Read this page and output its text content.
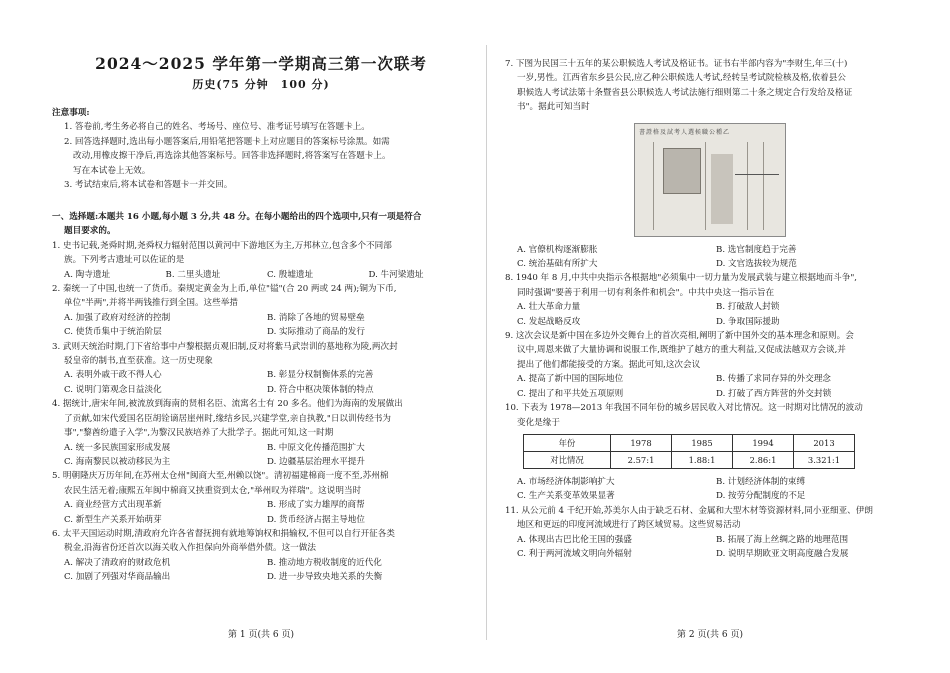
2024～2025 学年第一学期高三第一次联考

历史(75 分钟　100 分)

注意事项:
1. 答卷前,考生务必将自己的姓名、考场号、座位号、准考证号填写在答题卡上。
2. 回答选择题时,选出每小题答案后,用铅笔把答题卡上对应题目的答案标号涂黑。如需
改动,用橡皮擦干净后,再选涂其他答案标号。回答非选择题时,将答案写在答题卡上。
写在本试卷上无效。
3. 考试结束后,将本试卷和答题卡一并交回。
一、选择题:本题共 16 小题,每小题 3 分,共 48 分。在每小题给出的四个选项中,只有一项是符合
题目要求的。
1. 史书记载,尧舜时期,尧舜权力辐射范围以黄河中下游地区为主,万邦林立,包含多个不同部
族。下列考古遗址可以佐证的是
A. 陶寺遗址	B. 二里头遗址	C. 殷墟遗址	D. 牛河梁遗址
2. 秦统一了中国,也统一了货币。秦规定黄金为上币,单位"镒"(合 20 两或 24 两);铜为下币,
单位"半两",并将半两钱推行到全国。这些举措
A. 加强了政府对经济的控制	B. 消除了各地的贸易壁垒
C. 使货币集中于统治阶层	D. 实际推动了商品的发行
3. 武则天统治时期,门下省给事中卢黎根据贞观旧制,反对将紫马武崇训的墓地称为陵,两次封
驳皇帝的制书,直至获准。这一历史现象
A. 表明外戚干政不得人心	B. 彰显分权制衡体系的完善
C. 说明门第观念日益淡化	D. 符合中枢决策体制的特点
4. 据统计,唐宋年间,被流放到海南的贤相名臣、流寓名士有 20 多名。他们为海南的发展做出
了贡献,如宋代爱国名臣胡铨谪居崖州时,缘结乡民,兴建学堂,亲自执教,"日以训传经书为
事","黎酋纷遣子入学",为黎汉民族培养了大批学子。据此可知,这一时期
A. 统一多民族国家形成发展	B. 中原文化传播范围扩大
C. 海南黎民以被动移民为主	D. 边疆基层治理水平提升
5. 明朝隆庆万历年间,在苏州太仓州"闽商大至,州赖以饶"。清初福建棉商一度不至,苏州棉
农民生活无着;康熙五年闽中棉商又挟重资到太仓,"举州叹为祥瑞"。这说明当时
A. 商业经营方式出现革新	B. 形成了实力雄厚的商帮
C. 新型生产关系开始萌芽	D. 货币经济占据主导地位
6. 太平天国运动时期,清政府允许各省督抚拥有就地筹饷权和捐输权,不但可以自行开征各类
税金,沿海省份还首次以海关收入作担保向外商举借外债。这一做法
A. 解决了清政府的财政危机	B. 推动地方税收制度的近代化
C. 加剧了列强对华商品输出	D. 进一步导致央地关系的失衡
第 1 页(共 6 页)
7. 下图为民国三十五年的某公职候选人考试及格证书。证书右半部内容为"李财生,年三(十)
一岁,男性。江西省东乡县公民,应乙种公职候选人考试,经转呈考试院检核及格,依着县公
职候选人考试法第十条暨省县公职候选人考试法施行细则第二十条之规定合行发给及格证
书"。据此可知当时
書證格及試考人選候職公種乙
A. 官僚机构逐渐膨胀	B. 选官制度趋于完善
C. 统治基础有所扩大	D. 文官选拔较为规范
8. 1940 年 8 月,中共中央指示各根据地"必须集中一切力量为发展武装与建立根据地而斗争",
同时强调"要善于利用一切有利条件和机会"。中共中央这一指示旨在
A. 壮大革命力量	B. 打破敌人封锁
C. 发起战略反攻	D. 争取国际援助
9. 这次会议是新中国在多边外交舞台上的首次亮相,阐明了新中国外交的基本理念和原则。会
议中,周恩来做了大量协调和说服工作,既维护了越方的重大利益,又促成法越双方会谈,并
提出了他们都能接受的方案。据此可知,这次会议
A. 提高了新中国的国际地位	B. 传播了求同存异的外交理念
C. 提出了和平共处五项原则	D. 打破了西方阵营的外交封锁
10. 下表为 1978—2013 年我国不同年份的城乡居民收入对比情况。这一时期对比情况的波动
变化是缘于
年份	1978	1985	1994	2013
对比情况	2.57:1	1.88:1	2.86:1	3.321:1
A. 市场经济体制影响扩大	B. 计划经济体制的束缚
C. 生产关系变革效果显著	D. 按劳分配制度的不足
11. 从公元前 4 千纪开始,苏美尔人由于缺乏石材、金属和大型木材等资源材料,同小亚细亚、伊朗
地区和更远的印度河流域进行了跨区域贸易。这些贸易活动
A. 体现出古巴比伦王国的强盛	B. 拓展了海上丝绸之路的地理范围
C. 利于两河流域文明向外辐射	D. 说明早期欧亚文明高度融合发展
第 2 页(共 6 页)
